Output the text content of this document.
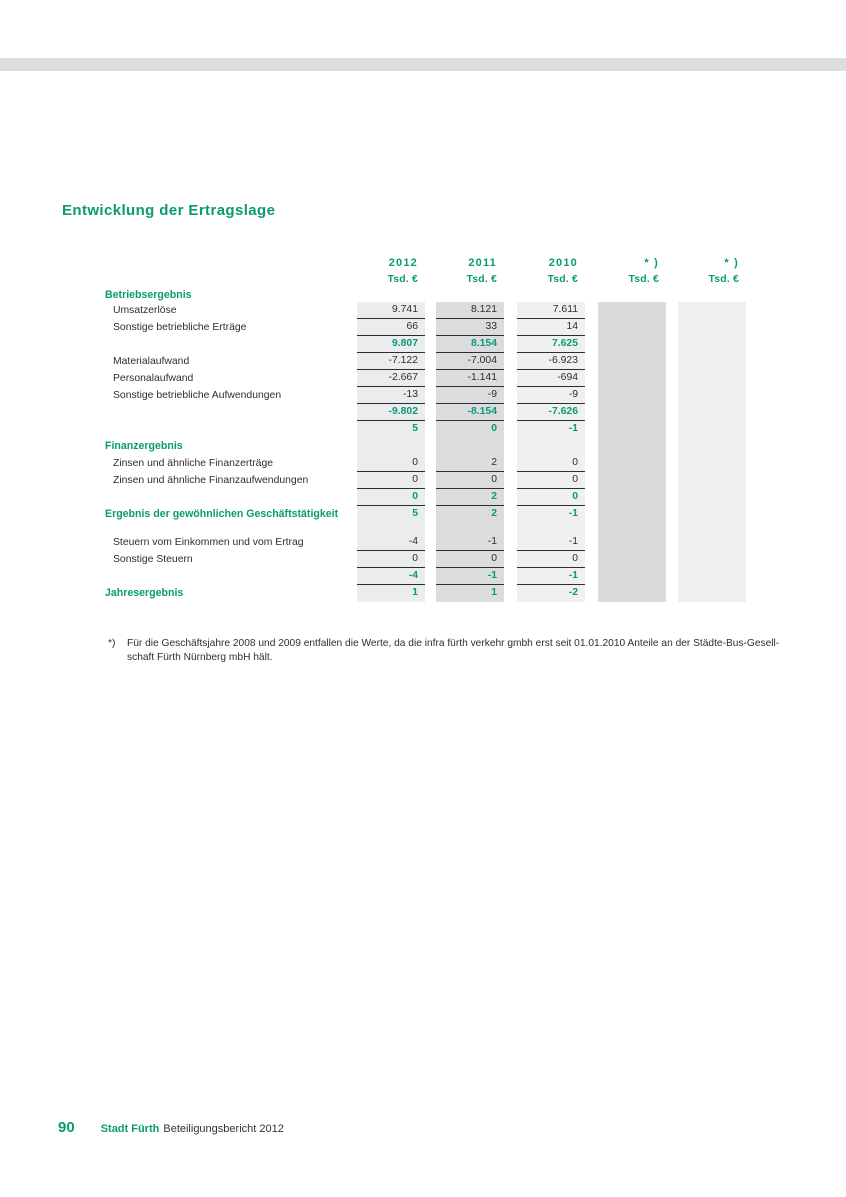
Entwicklung der Ertragslage
2012	2011	2010	* )	* )
Tsd. €	Tsd. €	Tsd. €	Tsd. €	Tsd. €
Betriebsergebnis
Umsatzerlöse	9.741	8.121	7.611
Sonstige betriebliche Erträge	66	33	14
9.807	8.154	7.625
Materialaufwand	-7.122	-7.004	-6.923
Personalaufwand	-2.667	-1.141	-694
Sonstige betriebliche Aufwendungen	-13	-9	-9
-9.802	-8.154	-7.626
5	0	-1
Finanzergebnis
Zinsen und ähnliche Finanzerträge	0	2	0
Zinsen und ähnliche Finanzaufwendungen	0	0	0
0	2	0
Ergebnis der gewöhnlichen Geschäftstätigkeit	5	2	-1
Steuern vom Einkommen und vom Ertrag	-4	-1	-1
Sonstige Steuern	0	0	0
-4	-1	-1
Jahresergebnis	1	1	-2
*)	Für die Geschäftsjahre 2008 und 2009 entfallen die Werte, da die infra fürth verkehr gmbh erst seit 01.01.2010 Anteile an der Städte-Bus-Gesell-
schaft Fürth Nürnberg mbH hält.
90 Stadt Fürth Beteiligungsbericht 2012
